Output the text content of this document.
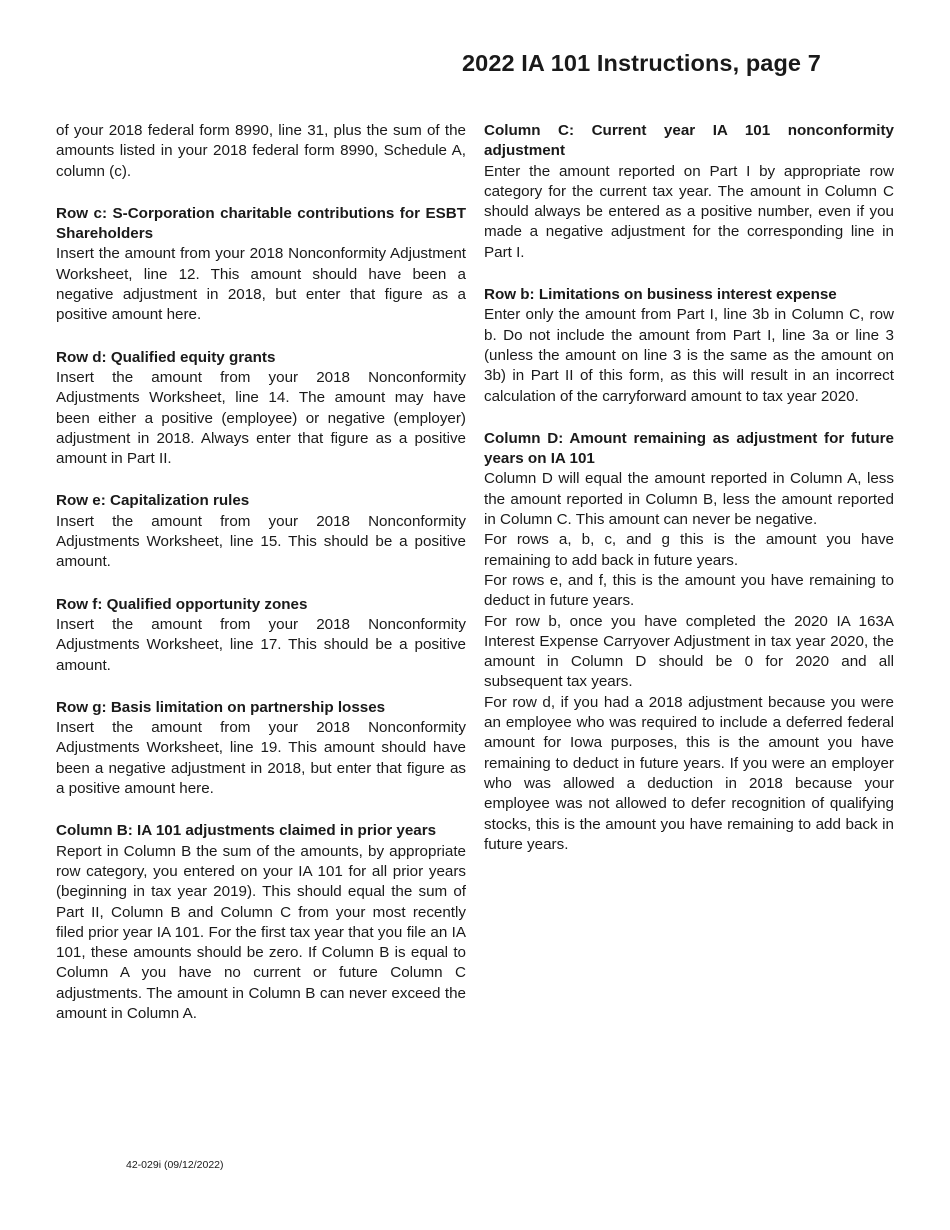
2022 IA 101 Instructions, page 7

of your 2018 federal form 8990, line 31, plus the sum of the amounts listed in your 2018 federal form 8990, Schedule A, column (c).

Row c: S-Corporation charitable contributions for ESBT Shareholders

Insert the amount from your 2018 Nonconformity Adjustment Worksheet, line 12. This amount should have been a negative adjustment in 2018, but enter that figure as a positive amount here.

Row d: Qualified equity grants

Insert the amount from your 2018 Nonconformity Adjustments Worksheet, line 14. The amount may have been either a positive (employee) or negative (employer) adjustment in 2018. Always enter that figure as a positive amount in Part II.

Row e: Capitalization rules

Insert the amount from your 2018 Nonconformity Adjustments Worksheet, line 15. This should be a positive amount.

Row f: Qualified opportunity zones

Insert the amount from your 2018 Nonconformity Adjustments Worksheet, line 17. This should be a positive amount.

Row g: Basis limitation on partnership losses

Insert the amount from your 2018 Nonconformity Adjustments Worksheet, line 19. This amount should have been a negative adjustment in 2018, but enter that figure as a positive amount here.

Column B: IA 101 adjustments claimed in prior years

Report in Column B the sum of the amounts, by appropriate row category, you entered on your IA 101 for all prior years (beginning in tax year 2019). This should equal the sum of Part II, Column B and Column C from your most recently filed prior year IA 101. For the first tax year that you file an IA 101, these amounts should be zero. If Column B is equal to Column A you have no current or future Column C adjustments. The amount in Column B can never exceed the amount in Column A.

Column C: Current year IA 101 nonconformity adjustment

Enter the amount reported on Part I by appropriate row category for the current tax year. The amount in Column C should always be entered as a positive number, even if you made a negative adjustment for the corresponding line in Part I.

Row b: Limitations on business interest expense

Enter only the amount from Part I, line 3b in Column C, row b. Do not include the amount from Part I, line 3a or line 3 (unless the amount on line 3 is the same as the amount on 3b) in Part II of this form, as this will result in an incorrect calculation of the carryforward amount to tax year 2020.

Column D: Amount remaining as adjustment for future years on IA 101

Column D will equal the amount reported in Column A, less the amount reported in Column B, less the amount reported in Column C. This amount can never be negative.

For rows a, b, c, and g this is the amount you have remaining to add back in future years.

For rows e, and f, this is the amount you have remaining to deduct in future years.

For row b, once you have completed the 2020 IA 163A Interest Expense Carryover Adjustment in tax year 2020, the amount in Column D should be 0 for 2020 and all subsequent tax years.

For row d, if you had a 2018 adjustment because you were an employee who was required to include a deferred federal amount for Iowa purposes, this is the amount you have remaining to deduct in future years. If you were an employer who was allowed a deduction in 2018 because your employee was not allowed to defer recognition of qualifying stocks, this is the amount you have remaining to add back in future years.

42-029i (09/12/2022)
